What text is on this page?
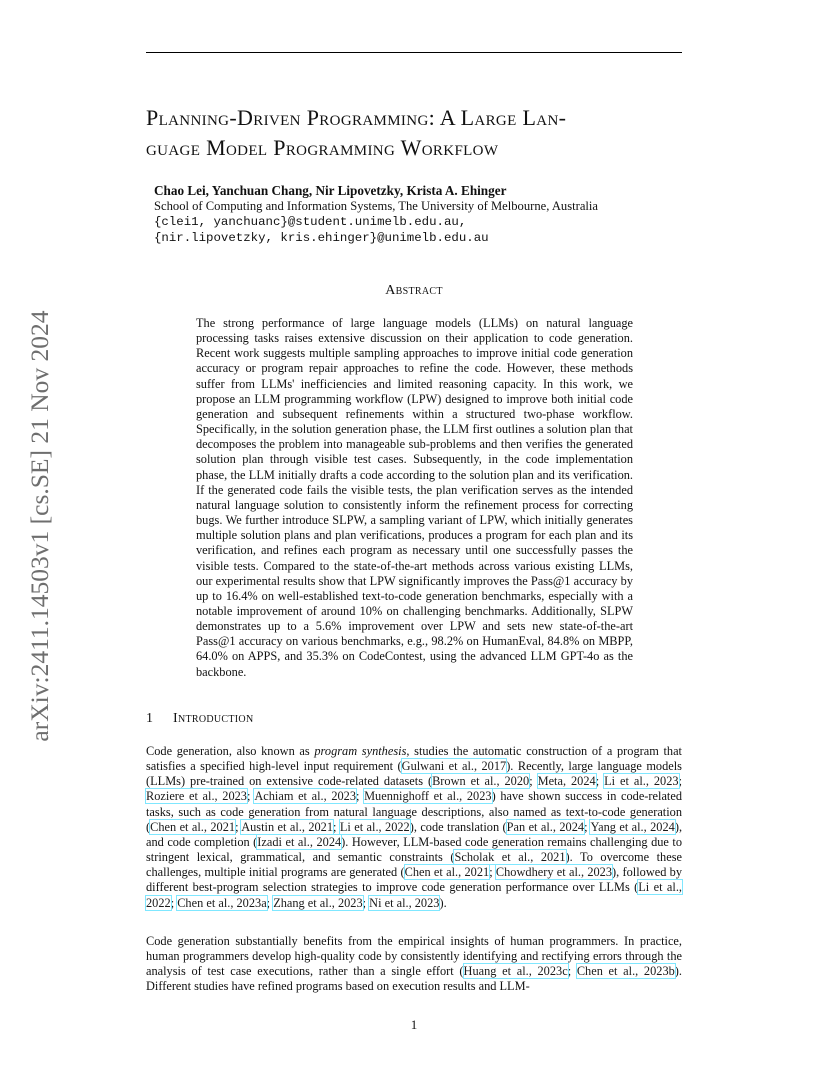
arXiv:2411.14503v1 [cs.SE] 21 Nov 2024
Planning-Driven Programming: A Large Lan-
guage Model Programming Workflow

Chao Lei, Yanchuan Chang, Nir Lipovetzky, Krista A. Ehinger

School of Computing and Information Systems, The University of Melbourne, Australia

{clei1, yanchuanc}@student.unimelb.edu.au,

{nir.lipovetzky, kris.ehinger}@unimelb.edu.au

Abstract

The strong performance of large language models (LLMs) on natural language processing tasks raises extensive discussion on their application to code generation. Recent work suggests multiple sampling approaches to improve initial code generation accuracy or program repair approaches to refine the code. However, these methods suffer from LLMs' inefficiencies and limited reasoning capacity. In this work, we propose an LLM programming workflow (LPW) designed to improve both initial code generation and subsequent refinements within a structured two-phase workflow. Specifically, in the solution generation phase, the LLM first outlines a solution plan that decomposes the problem into manageable sub-problems and then verifies the generated solution plan through visible test cases. Subsequently, in the code implementation phase, the LLM initially drafts a code according to the solution plan and its verification. If the generated code fails the visible tests, the plan verification serves as the intended natural language solution to consistently inform the refinement process for correcting bugs. We further introduce SLPW, a sampling variant of LPW, which initially generates multiple solution plans and plan verifications, produces a program for each plan and its verification, and refines each program as necessary until one successfully passes the visible tests. Compared to the state-of-the-art methods across various existing LLMs, our experimental results show that LPW significantly improves the Pass@1 accuracy by up to 16.4% on well-established text-to-code generation benchmarks, especially with a notable improvement of around 10% on challenging benchmarks. Additionally, SLPW demonstrates up to a 5.6% improvement over LPW and sets new state-of-the-art Pass@1 accuracy on various benchmarks, e.g., 98.2% on HumanEval, 84.8% on MBPP, 64.0% on APPS, and 35.3% on CodeContest, using the advanced LLM GPT-4o as the backbone.

1 Introduction

Code generation, also known as program synthesis, studies the automatic construction of a program that satisfies a specified high-level input requirement (Gulwani et al., 2017). Recently, large language models (LLMs) pre-trained on extensive code-related datasets (Brown et al., 2020; Meta, 2024; Li et al., 2023; Roziere et al., 2023; Achiam et al., 2023; Muennighoff et al., 2023) have shown success in code-related tasks, such as code generation from natural language descriptions, also named as text-to-code generation (Chen et al., 2021; Austin et al., 2021; Li et al., 2022), code translation (Pan et al., 2024; Yang et al., 2024), and code completion (Izadi et al., 2024). However, LLM-based code generation remains challenging due to stringent lexical, grammatical, and semantic constraints (Scholak et al., 2021). To overcome these challenges, multiple initial programs are generated (Chen et al., 2021; Chowdhery et al., 2023), followed by different best-program selection strategies to improve code generation performance over LLMs (Li et al., 2022; Chen et al., 2023a; Zhang et al., 2023; Ni et al., 2023).

Code generation substantially benefits from the empirical insights of human programmers. In practice, human programmers develop high-quality code by consistently identifying and rectifying errors through the analysis of test case executions, rather than a single effort (Huang et al., 2023c; Chen et al., 2023b). Different studies have refined programs based on execution results and LLM-

1
